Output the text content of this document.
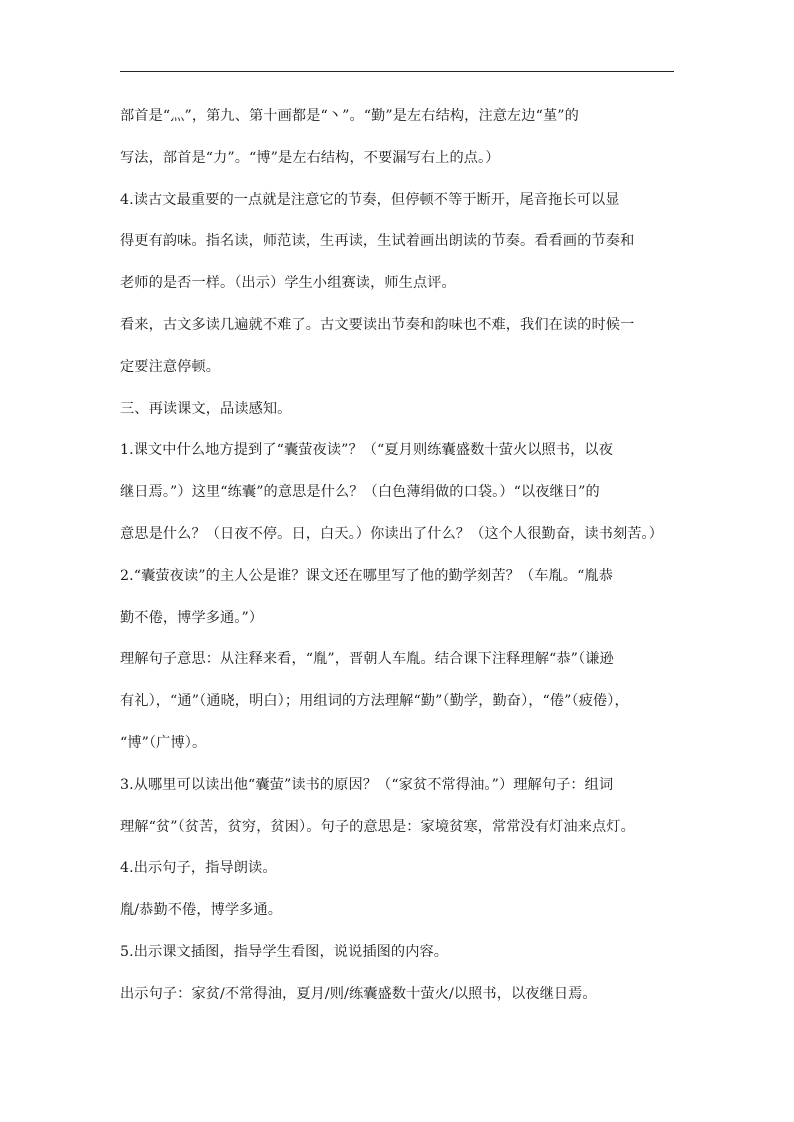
部首是“灬”，第九、第十画都是“丶”。“勤”是左右结构，注意左边“堇”的
写法，部首是“力”。“博”是左右结构，不要漏写右上的点。）
4.读古文最重要的一点就是注意它的节奏，但停顿不等于断开，尾音拖长可以显
得更有韵味。指名读，师范读，生再读，生试着画出朗读的节奏。看看画的节奏和
老师的是否一样。（出示）学生小组赛读，师生点评。
看来，古文多读几遍就不难了。古文要读出节奏和韵味也不难，我们在读的时候一
定要注意停顿。
三、再读课文，品读感知。
1.课文中什么地方提到了“囊萤夜读”？（“夏月则练囊盛数十萤火以照书，以夜
继日焉。”）这里“练囊”的意思是什么？（白色薄绢做的口袋。）“以夜继日”的
意思是什么？（日夜不停。日，白天。）你读出了什么？（这个人很勤奋，读书刻苦。）
2.“囊萤夜读”的主人公是谁？课文还在哪里写了他的勤学刻苦？（车胤。“胤恭
勤不倦，博学多通。”）
理解句子意思：从注释来看，“胤”，晋朝人车胤。结合课下注释理解“恭”（谦逊
有礼），“通”（通晓，明白）；用组词的方法理解“勤”（勤学，勤奋），“倦”（疲倦），
“博”（广博）。
3.从哪里可以读出他“囊萤”读书的原因？（“家贫不常得油。”）理解句子：组词
理解“贫”（贫苦，贫穷，贫困）。句子的意思是：家境贫寒，常常没有灯油来点灯。
4.出示句子，指导朗读。
胤/恭勤不倦，博学多通。
5.出示课文插图，指导学生看图，说说插图的内容。
出示句子：家贫/不常得油，夏月/则/练囊盛数十萤火/以照书，以夜继日焉。
